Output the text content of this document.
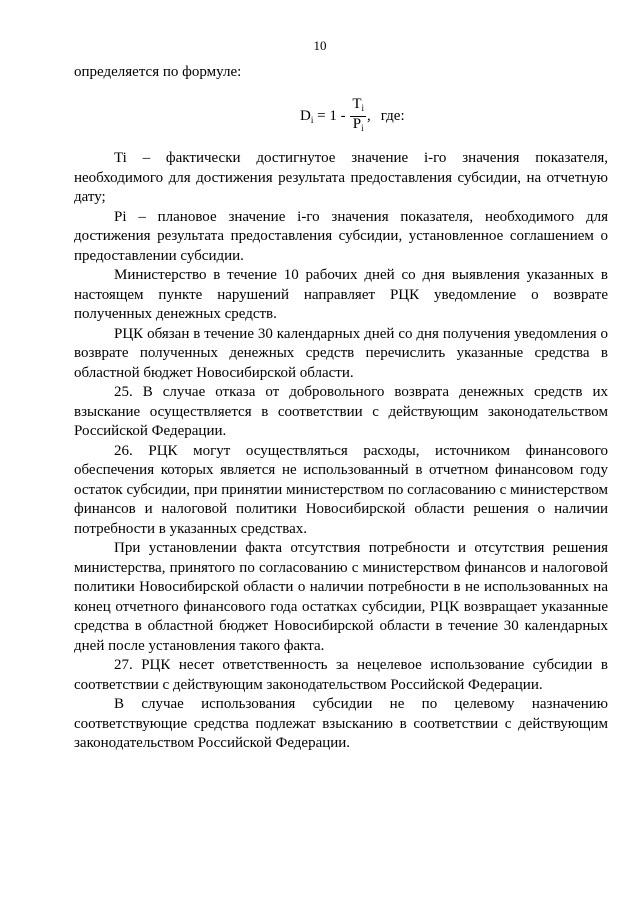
10

определяется по формуле:

$D_i = 1 - \frac{T_i}{P_i}$ , где:

Ti – фактически достигнутое значение i-го значения показателя, необходимого для достижения результата предоставления субсидии, на отчетную дату;

Pi – плановое значение i-го значения показателя, необходимого для достижения результата предоставления субсидии, установленное соглашением о предоставлении субсидии.

Министерство в течение 10 рабочих дней со дня выявления указанных в настоящем пункте нарушений направляет РЦК уведомление о возврате полученных денежных средств.

РЦК обязан в течение 30 календарных дней со дня получения уведомления о возврате полученных денежных средств перечислить указанные средства в областной бюджет Новосибирской области.

25. В случае отказа от добровольного возврата денежных средств их взыскание осуществляется в соответствии с действующим законодательством Российской Федерации.

26. РЦК могут осуществляться расходы, источником финансового обеспечения которых является не использованный в отчетном финансовом году остаток субсидии, при принятии министерством по согласованию с министерством финансов и налоговой политики Новосибирской области решения о наличии потребности в указанных средствах.

При установлении факта отсутствия потребности и отсутствия решения министерства, принятого по согласованию с министерством финансов и налоговой политики Новосибирской области о наличии потребности в не использованных на конец отчетного финансового года остатках субсидии, РЦК возвращает указанные средства в областной бюджет Новосибирской области в течение 30 календарных дней после установления такого факта.

27. РЦК несет ответственность за нецелевое использование субсидии в соответствии с действующим законодательством Российской Федерации.

В случае использования субсидии не по целевому назначению соответствующие средства подлежат взысканию в соответствии с действующим законодательством Российской Федерации.
